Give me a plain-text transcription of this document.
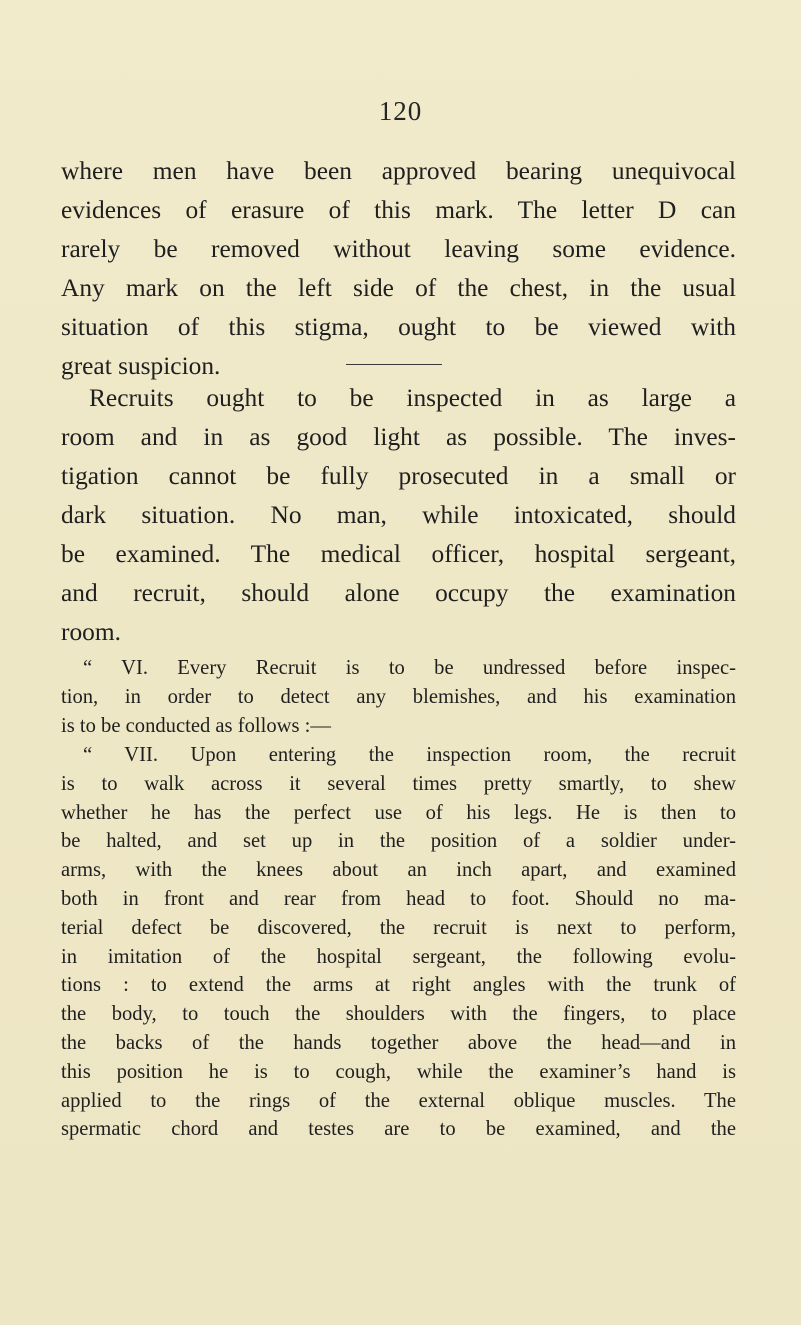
120
where men have been approved bearing unequivocal
evidences of erasure of this mark. The letter D can
rarely be removed without leaving some evidence.
Any mark on the left side of the chest, in the usual
situation of this stigma, ought to be viewed with
great suspicion.
Recruits ought to be inspected in as large a
room and in as good light as possible. The inves-
tigation cannot be fully prosecuted in a small or
dark situation. No man, while intoxicated, should
be examined. The medical officer, hospital sergeant,
and recruit, should alone occupy the examination
room.
“ VI. Every Recruit is to be undressed before inspec-
tion, in order to detect any blemishes, and his examination
is to be conducted as follows :—
“ VII. Upon entering the inspection room, the recruit
is to walk across it several times pretty smartly, to shew
whether he has the perfect use of his legs. He is then to
be halted, and set up in the position of a soldier under-
arms, with the knees about an inch apart, and examined
both in front and rear from head to foot. Should no ma-
terial defect be discovered, the recruit is next to perform,
in imitation of the hospital sergeant, the following evolu-
tions : to extend the arms at right angles with the trunk of
the body, to touch the shoulders with the fingers, to place
the backs of the hands together above the head—and in
this position he is to cough, while the examiner’s hand is
applied to the rings of the external oblique muscles. The
spermatic chord and testes are to be examined, and the
